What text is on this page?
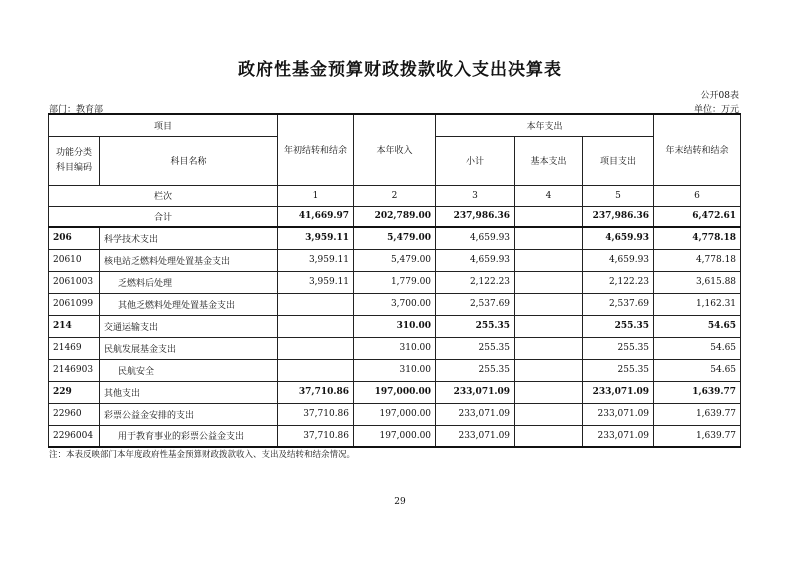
政府性基金预算财政拨款收入支出决算表
公开08表
部门：教育部	单位：万元
项目		年初结转和结余	本年收入	本年支出			年末结转和结余

功能分类
科目编码	科目名称			小计	基本支出	项目支出	
栏次		1	2	3	4	5	6
合计		41,669.97	202,789.00	237,986.36		237,986.36	6,472.61
206	科学技术支出	3,959.11	5,479.00	4,659.93		4,659.93	4,778.18
20610	核电站乏燃料处理处置基金支出	3,959.11	5,479.00	4,659.93		4,659.93	4,778.18
2061003	乏燃料后处理	3,959.11	1,779.00	2,122.23		2,122.23	3,615.88
2061099	其他乏燃料处理处置基金支出		3,700.00	2,537.69		2,537.69	1,162.31
214	交通运输支出		310.00	255.35		255.35	54.65
21469	民航发展基金支出		310.00	255.35		255.35	54.65
2146903	民航安全		310.00	255.35		255.35	54.65
229	其他支出	37,710.86	197,000.00	233,071.09		233,071.09	1,639.77
22960	彩票公益金安排的支出	37,710.86	197,000.00	233,071.09		233,071.09	1,639.77
2296004	用于教育事业的彩票公益金支出	37,710.86	197,000.00	233,071.09		233,071.09	1,639.77
注：本表反映部门本年度政府性基金预算财政拨款收入、支出及结转和结余情况。
29
